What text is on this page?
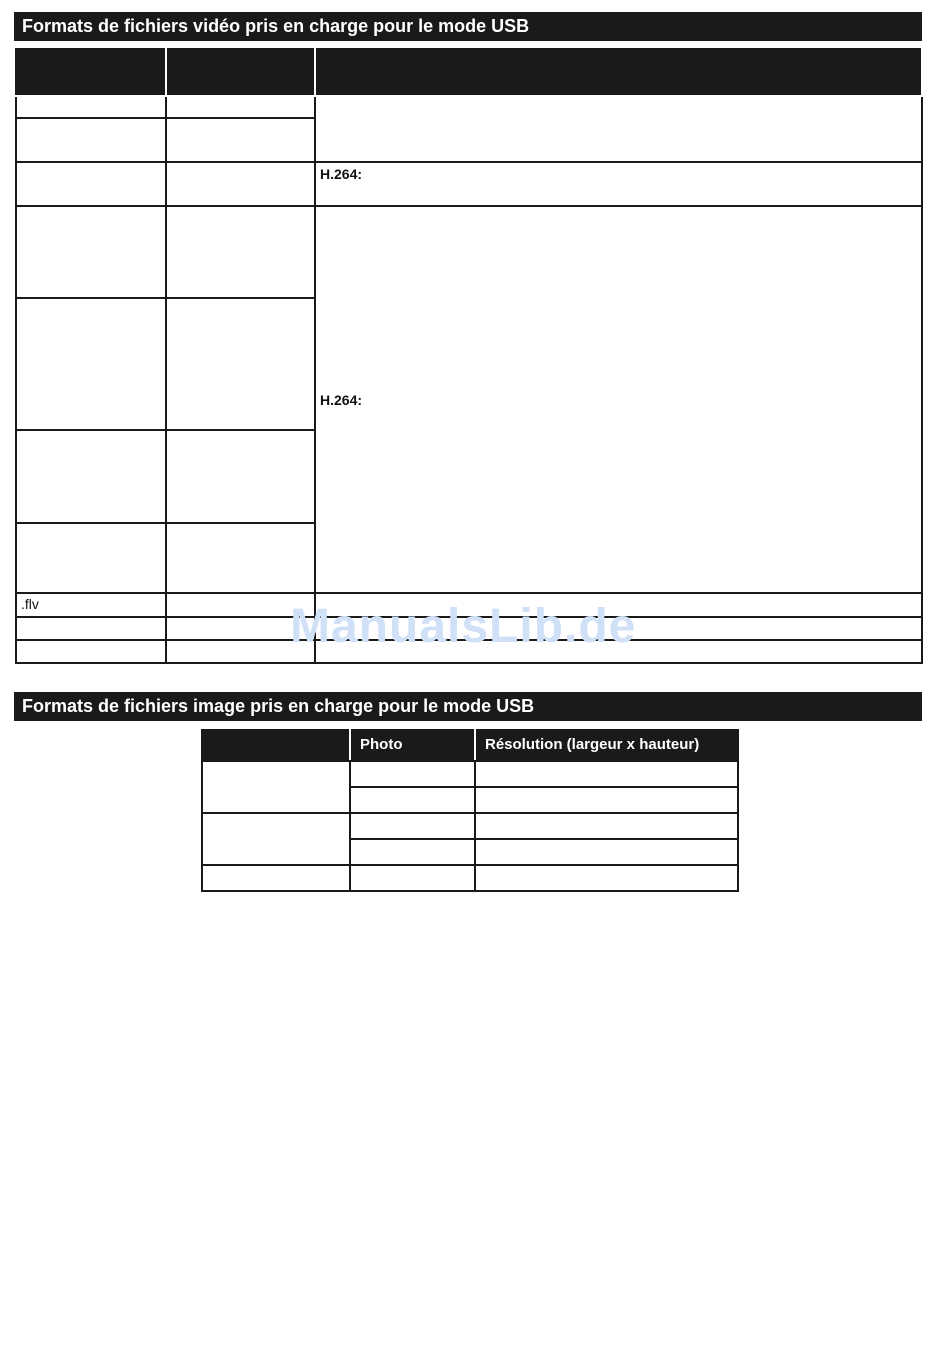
Formats de fichiers vidéo pris en charge pour le mode USB

		H.264:

		H.264:

.flv		

		ManualsLib.de
Formats de fichiers image pris en charge pour le mode USB
	Photo	Résolution (largeur x hauteur)
